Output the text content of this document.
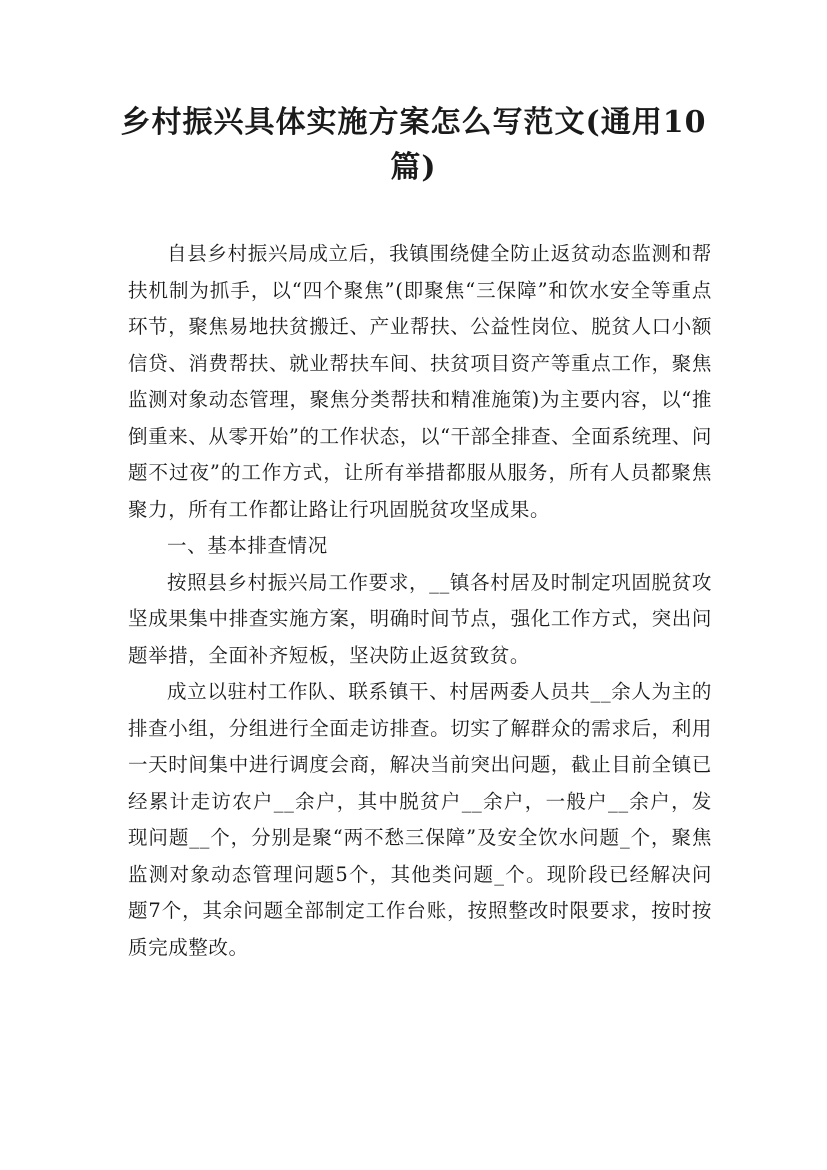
乡村振兴具体实施方案怎么写范文(通用10篇)

自县乡村振兴局成立后，我镇围绕健全防止返贫动态监测和帮扶机制为抓手，以“四个聚焦”(即聚焦“三保障”和饮水安全等重点环节，聚焦易地扶贫搬迁、产业帮扶、公益性岗位、脱贫人口小额信贷、消费帮扶、就业帮扶车间、扶贫项目资产等重点工作，聚焦监测对象动态管理，聚焦分类帮扶和精准施策)为主要内容，以“推倒重来、从零开始”的工作状态，以“干部全排查、全面系统理、问题不过夜”的工作方式，让所有举措都服从服务，所有人员都聚焦聚力，所有工作都让路让行巩固脱贫攻坚成果。

一、基本排查情况

按照县乡村振兴局工作要求，__镇各村居及时制定巩固脱贫攻坚成果集中排查实施方案，明确时间节点，强化工作方式，突出问题举措，全面补齐短板，坚决防止返贫致贫。

成立以驻村工作队、联系镇干、村居两委人员共__余人为主的排查小组，分组进行全面走访排查。切实了解群众的需求后，利用一天时间集中进行调度会商，解决当前突出问题，截止目前全镇已经累计走访农户__余户，其中脱贫户__余户，一般户__余户，发现问题__个，分别是聚“两不愁三保障”及安全饮水问题_个，聚焦监测对象动态管理问题5个，其他类问题_个。现阶段已经解决问题7个，其余问题全部制定工作台账，按照整改时限要求，按时按质完成整改。
